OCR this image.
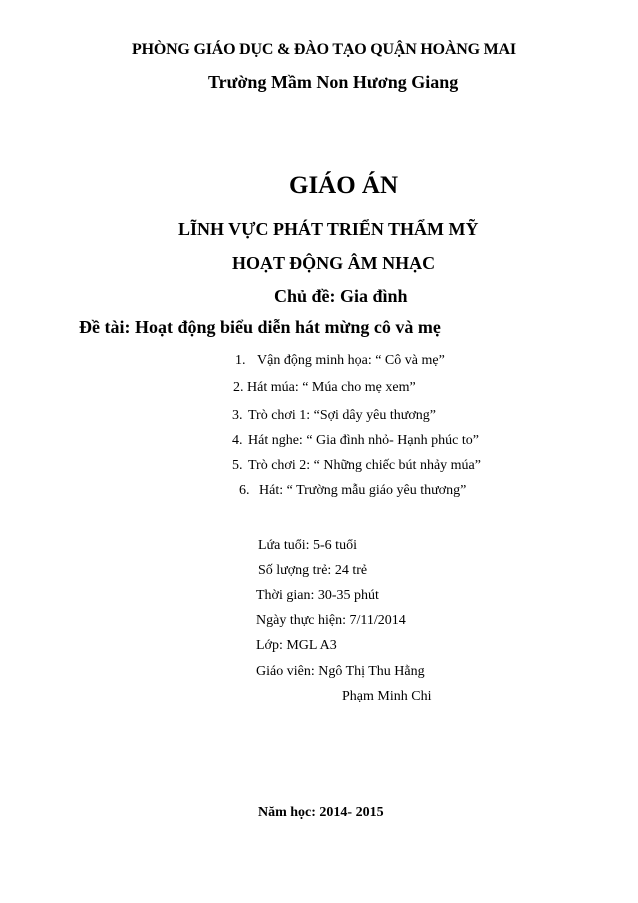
PHÒNG GIÁO DỤC & ĐÀO TẠO QUẬN HOÀNG MAI
Trường Mầm Non Hương Giang
GIÁO ÁN
LĨNH VỰC PHÁT TRIỂN THẨM MỸ
HOẠT ĐỘNG ÂM NHẠC
Chủ đề: Gia đình
Đề tài: Hoạt động biểu diễn hát mừng cô và mẹ
1. Vận động minh họa: “ Cô và mẹ”
2. Hát múa: “ Múa cho mẹ xem”
3. Trò chơi 1: “Sợi dây yêu thương”
4. Hát nghe: “ Gia đình nhỏ- Hạnh phúc to”
5. Trò chơi 2: “ Những chiếc bút nhảy múa”
6. Hát: “ Trường mẫu giáo yêu thương”
Lứa tuổi: 5-6 tuổi
Số lượng trẻ: 24 trẻ
Thời gian: 30-35 phút
Ngày thực hiện: 7/11/2014
Lớp: MGL A3
Giáo viên: Ngô Thị Thu Hằng
Phạm Minh Chi
Năm học: 2014- 2015
